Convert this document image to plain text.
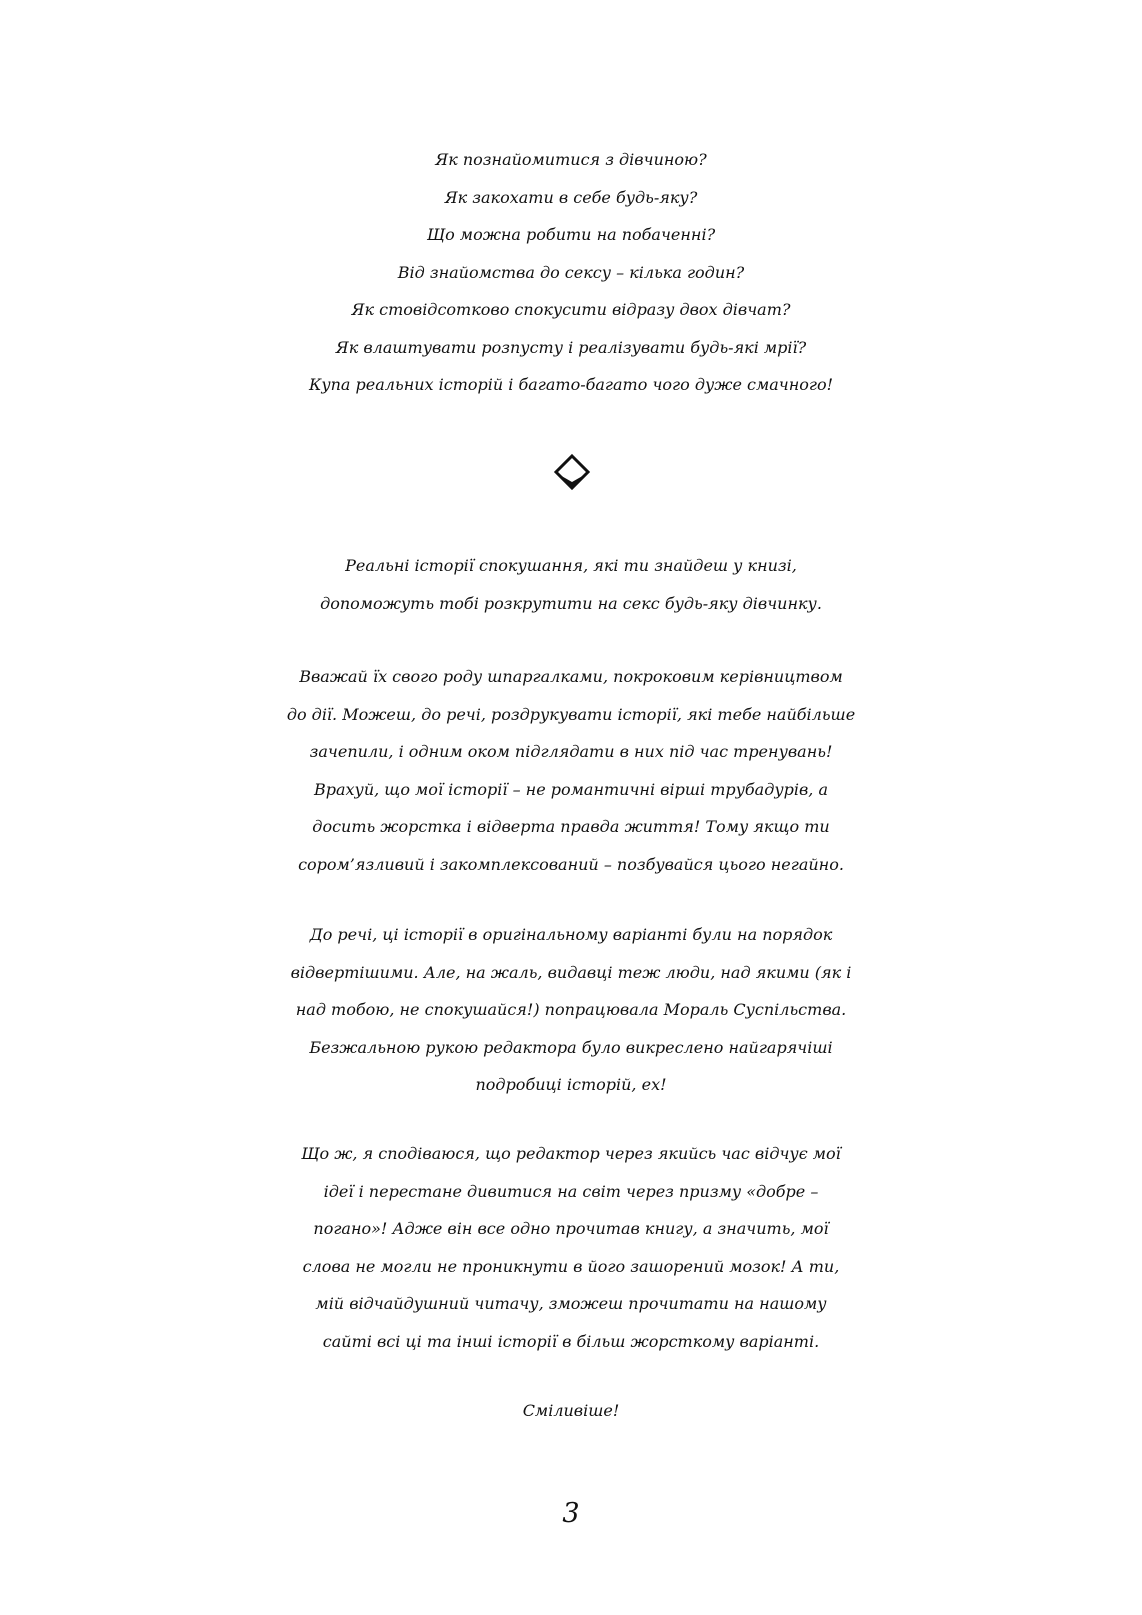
Як познайомитися з дівчиною?
Як закохати в себе будь-яку?
Що можна робити на побаченні?
Від знайомства до сексу – кілька годин?
Як стовідсотково спокусити відразу двох дівчат?
Як влаштувати розпусту і реалізувати будь-які мрії?
Купа реальних історій і багато-багато чого дуже смачного!
Реальні історії спокушання, які ти знайдеш у книзі,
допоможуть тобі розкрутити на секс будь-яку дівчинку.
Вважай їх свого роду шпаргалками, покроковим керівництвом
до дії. Можеш, до речі, роздрукувати історії, які тебе найбільше
зачепили, і одним оком підглядати в них під час тренувань!
Врахуй, що мої історії – не романтичні вірші трубадурів, а
досить жорстка і відверта правда життя! Тому якщо ти
сором’язливий і закомплексований – позбувайся цього негайно.
До речі, ці історії в оригінальному варіанті були на порядок
відвертішими. Але, на жаль, видавці теж люди, над якими (як і
над тобою, не спокушайся!) попрацювала Мораль Суспільства.
Безжальною рукою редактора було викреслено найгарячіші
подробиці історій, ех!
Що ж, я сподіваюся, що редактор через якийсь час відчує мої
ідеї і перестане дивитися на світ через призму «добре –
погано»! Адже він все одно прочитав книгу, а значить, мої
слова не могли не проникнути в його зашорений мозок! А ти,
мій відчайдушний читачу, зможеш прочитати на нашому
сайті всі ці та інші історії в більш жорсткому варіанті.
Сміливіше!
3
